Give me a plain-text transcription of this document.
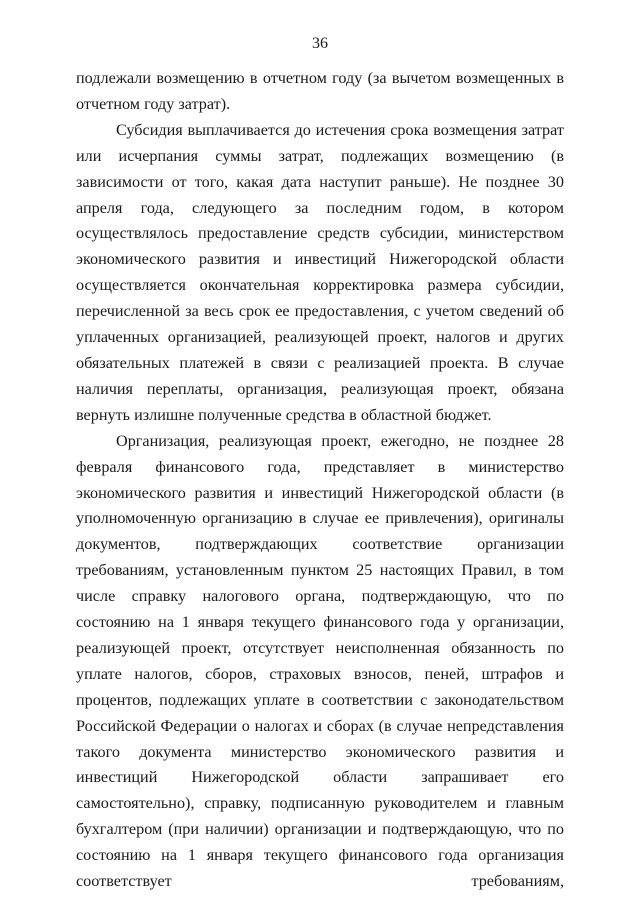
36

подлежали возмещению в отчетном году (за вычетом возмещенных в отчетном году затрат).

Субсидия выплачивается до истечения срока возмещения затрат или исчерпания суммы затрат, подлежащих возмещению (в зависимости от того, какая дата наступит раньше). Не позднее 30 апреля года, следующего за последним годом, в котором осуществлялось предоставление средств субсидии, министерством экономического развития и инвестиций Нижегородской области осуществляется окончательная корректировка размера субсидии, перечисленной за весь срок ее предоставления, с учетом сведений об уплаченных организацией, реализующей проект, налогов и других обязательных платежей в связи с реализацией проекта. В случае наличия переплаты, организация, реализующая проект, обязана вернуть излишне полученные средства в областной бюджет.

Организация, реализующая проект, ежегодно, не позднее 28 февраля финансового года, представляет в министерство экономического развития и инвестиций Нижегородской области (в уполномоченную организацию в случае ее привлечения), оригиналы документов, подтверждающих соответствие организации требованиям, установленным пунктом 25 настоящих Правил, в том числе справку налогового органа, подтверждающую, что по состоянию на 1 января текущего финансового года у организации, реализующей проект, отсутствует неисполненная обязанность по уплате налогов, сборов, страховых взносов, пеней, штрафов и процентов, подлежащих уплате в соответствии с законодательством Российской Федерации о налогах и сборах (в случае непредставления такого документа министерство экономического развития и инвестиций Нижегородской области запрашивает его самостоятельно), справку, подписанную руководителем и главным бухгалтером (при наличии) организации и подтверждающую, что по состоянию на 1 января текущего финансового года организация соответствует требованиям,
